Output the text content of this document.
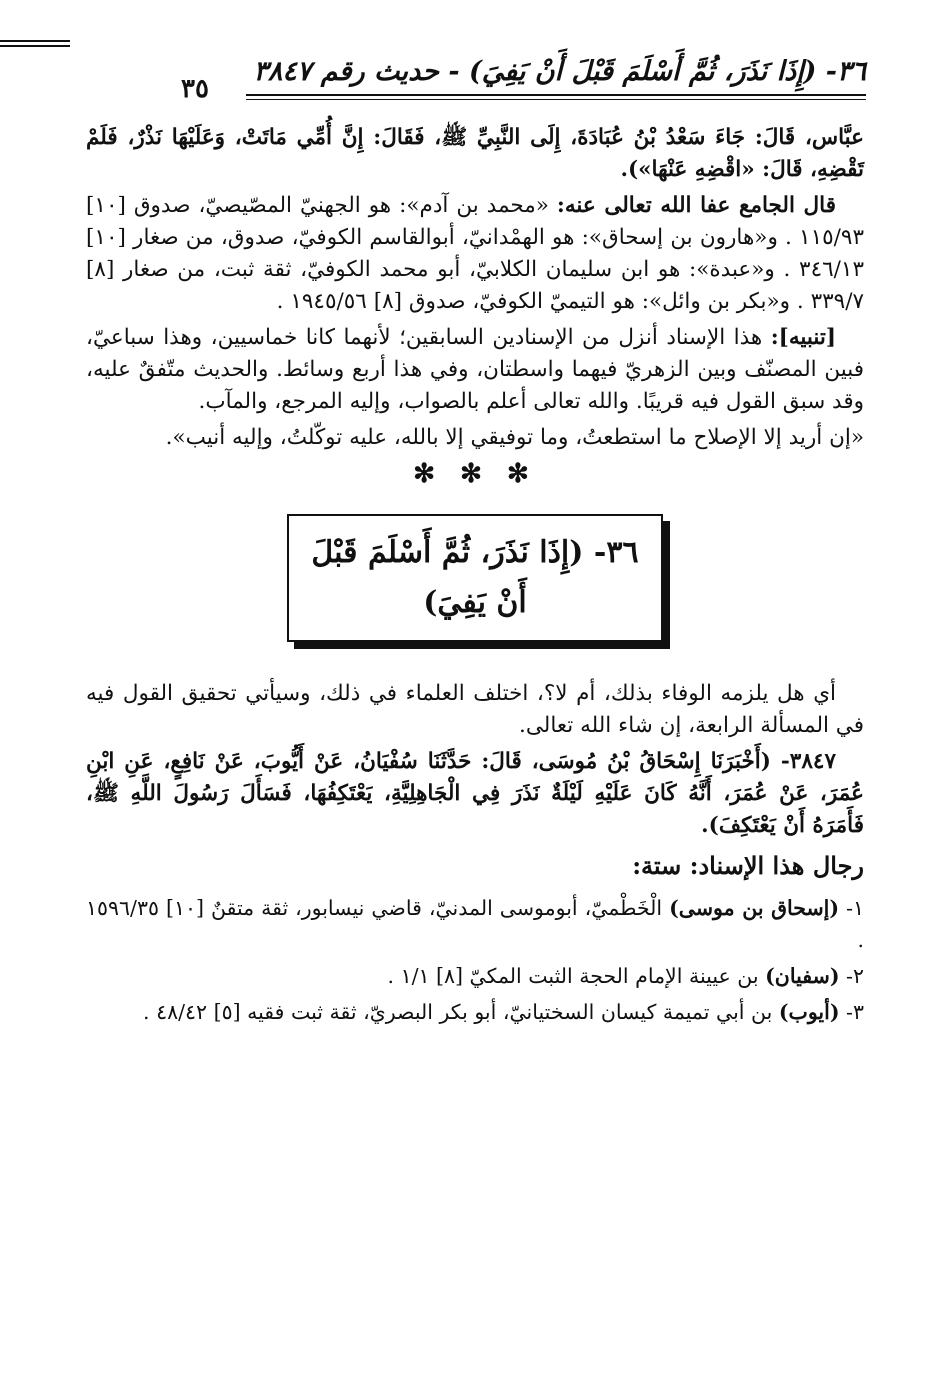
٣٦- (إِذَا نَذَرَ، ثُمَّ أَسْلَمَ قَبْلَ أَنْ يَفِيَ) - حديث رقم ٣٨٤٧
٣٥

عبَّاس، قَالَ: جَاءَ سَعْدُ بْنُ عُبَادَةَ، إِلَى النَّبِيِّ ﷺ، فَقَالَ: إِنَّ أُمِّي مَاتَتْ، وَعَلَيْهَا نَذْرٌ، فَلَمْ تَقْضِهِ، قَالَ: «اقْضِهِ عَنْهَا»).

قال الجامع عفا الله تعالى عنه: «محمد بن آدم»: هو الجهنيّ المصّيصيّ، صدوق [١٠] ١١٥/٩٣ . و«هارون بن إسحاق»: هو الهمْدانيّ، أبوالقاسم الكوفيّ، صدوق، من صغار [١٠] ٣٤٦/١٣ . و«عبدة»: هو ابن سليمان الكلابيّ، أبو محمد الكوفيّ، ثقة ثبت، من صغار [٨] ٣٣٩/٧ . و«بكر بن وائل»: هو التيميّ الكوفيّ، صدوق [٨] ١٩٤٥/٥٦ .

[تنبيه]: هذا الإسناد أنزل من الإسنادين السابقين؛ لأنهما كانا خماسيين، وهذا سباعيّ، فبين المصنّف وبين الزهريّ فيهما واسطتان، وفي هذا أربع وسائط. والحديث متّفقٌ عليه، وقد سبق القول فيه قريبًا. والله تعالى أعلم بالصواب، وإليه المرجع، والمآب.

«إن أريد إلا الإصلاح ما استطعتُ، وما توفيقي إلا بالله، عليه توكّلتُ، وإليه أنيب».

✻ ✻ ✻
٣٦- (إِذَا نَذَرَ، ثُمَّ أَسْلَمَ قَبْلَ أَنْ يَفِيَ)

أي هل يلزمه الوفاء بذلك، أم لا؟، اختلف العلماء في ذلك، وسيأتي تحقيق القول فيه في المسألة الرابعة، إن شاء الله تعالى.

٣٨٤٧- (أَخْبَرَنَا إِسْحَاقُ بْنُ مُوسَى، قَالَ: حَدَّثَنَا سُفْيَانُ، عَنْ أَيُّوبَ، عَنْ نَافِعٍ، عَنِ ابْنِ عُمَرَ، عَنْ عُمَرَ، أَنَّهُ كَانَ عَلَيْهِ لَيْلَةٌ نَذَرَ فِي الْجَاهِلِيَّةِ، يَعْتَكِفُهَا، فَسَأَلَ رَسُولَ اللَّهِ ﷺ، فَأَمَرَهُ أَنْ يَعْتَكِفَ).

رجال هذا الإسناد: ستة:

١- (إسحاق بن موسى) الْخَطْميّ، أبوموسى المدنيّ، قاضي نيسابور، ثقة متقنٌ [١٠] ١٥٩٦/٣٥ .

٢- (سفيان) بن عيينة الإمام الحجة الثبت المكيّ [٨] ١/١ .

٣- (أيوب) بن أبي تميمة كيسان السختيانيّ، أبو بكر البصريّ، ثقة ثبت فقيه [٥] ٤٨/٤٢ .
